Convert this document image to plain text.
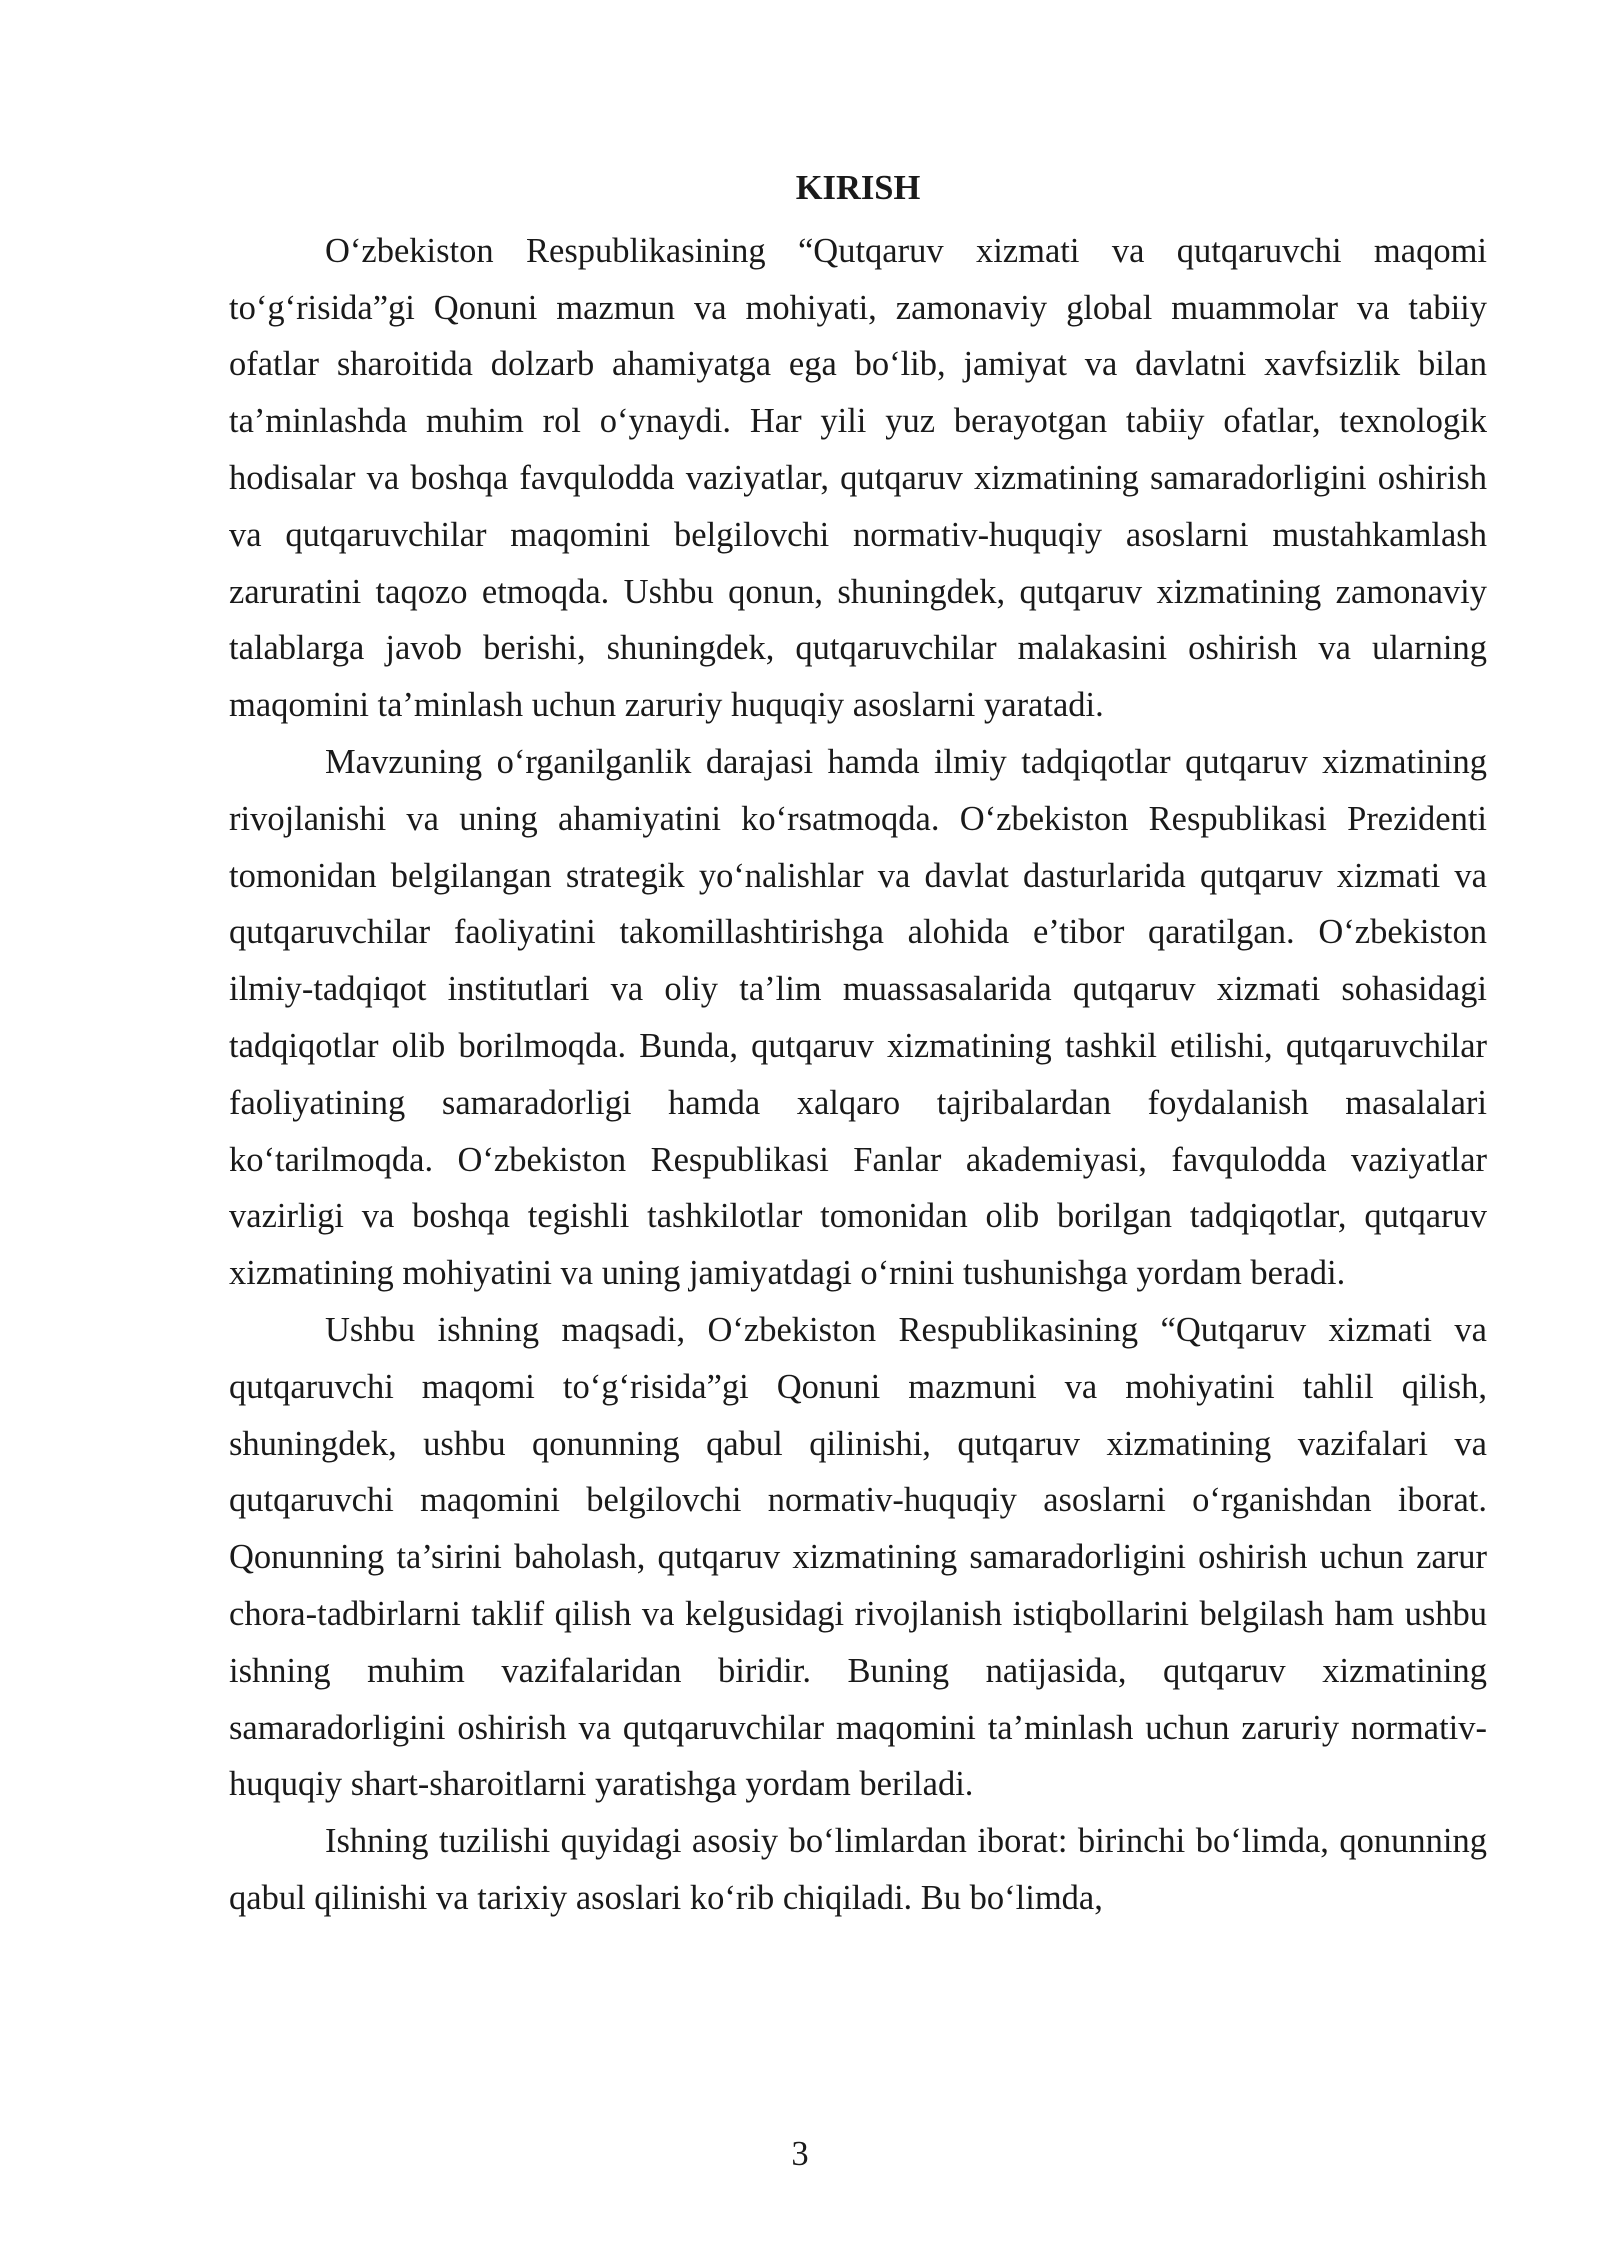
KIRISH

O‘zbekiston Respublikasining “Qutqaruv xizmati va qutqaruvchi maqomi to‘g‘risida”gi Qonuni mazmun va mohiyati, zamonaviy global muammolar va tabiiy ofatlar sharoitida dolzarb ahamiyatga ega bo‘lib, jamiyat va davlatni xavfsizlik bilan ta’minlashda muhim rol o‘ynaydi. Har yili yuz berayotgan tabiiy ofatlar, texnologik hodisalar va boshqa favqulodda vaziyatlar, qutqaruv xizmatining samaradorligini oshirish va qutqaruvchilar maqomini belgilovchi normativ-huquqiy asoslarni mustahkamlash zaruratini taqozo etmoqda. Ushbu qonun, shuningdek, qutqaruv xizmatining zamonaviy talablarga javob berishi, shuningdek, qutqaruvchilar malakasini oshirish va ularning maqomini ta’minlash uchun zaruriy huquqiy asoslarni yaratadi.

Mavzuning o‘rganilganlik darajasi hamda ilmiy tadqiqotlar qutqaruv xizmatining rivojlanishi va uning ahamiyatini ko‘rsatmoqda. O‘zbekiston Respublikasi Prezidenti tomonidan belgilangan strategik yo‘nalishlar va davlat dasturlarida qutqaruv xizmati va qutqaruvchilar faoliyatini takomillashtirishga alohida e’tibor qaratilgan. O‘zbekiston ilmiy-tadqiqot institutlari va oliy ta’lim muassasalarida qutqaruv xizmati sohasidagi tadqiqotlar olib borilmoqda. Bunda, qutqaruv xizmatining tashkil etilishi, qutqaruvchilar faoliyatining samaradorligi hamda xalqaro tajribalardan foydalanish masalalari ko‘tarilmoqda. O‘zbekiston Respublikasi Fanlar akademiyasi, favqulodda vaziyatlar vazirligi va boshqa tegishli tashkilotlar tomonidan olib borilgan tadqiqotlar, qutqaruv xizmatining mohiyatini va uning jamiyatdagi o‘rnini tushunishga yordam beradi.

Ushbu ishning maqsadi, O‘zbekiston Respublikasining “Qutqaruv xizmati va qutqaruvchi maqomi to‘g‘risida”gi Qonuni mazmuni va mohiyatini tahlil qilish, shuningdek, ushbu qonunning qabul qilinishi, qutqaruv xizmatining vazifalari va qutqaruvchi maqomini belgilovchi normativ-huquqiy asoslarni o‘rganishdan iborat. Qonunning ta’sirini baholash, qutqaruv xizmatining samaradorligini oshirish uchun zarur chora-tadbirlarni taklif qilish va kelgusidagi rivojlanish istiqbollarini belgilash ham ushbu ishning muhim vazifalaridan biridir. Buning natijasida, qutqaruv xizmatining samaradorligini oshirish va qutqaruvchilar maqomini ta’minlash uchun zaruriy normativ-huquqiy shart-sharoitlarni yaratishga yordam beriladi.

Ishning tuzilishi quyidagi asosiy bo‘limlardan iborat: birinchi bo‘limda, qonunning qabul qilinishi va tarixiy asoslari ko‘rib chiqiladi. Bu bo‘limda,

3
